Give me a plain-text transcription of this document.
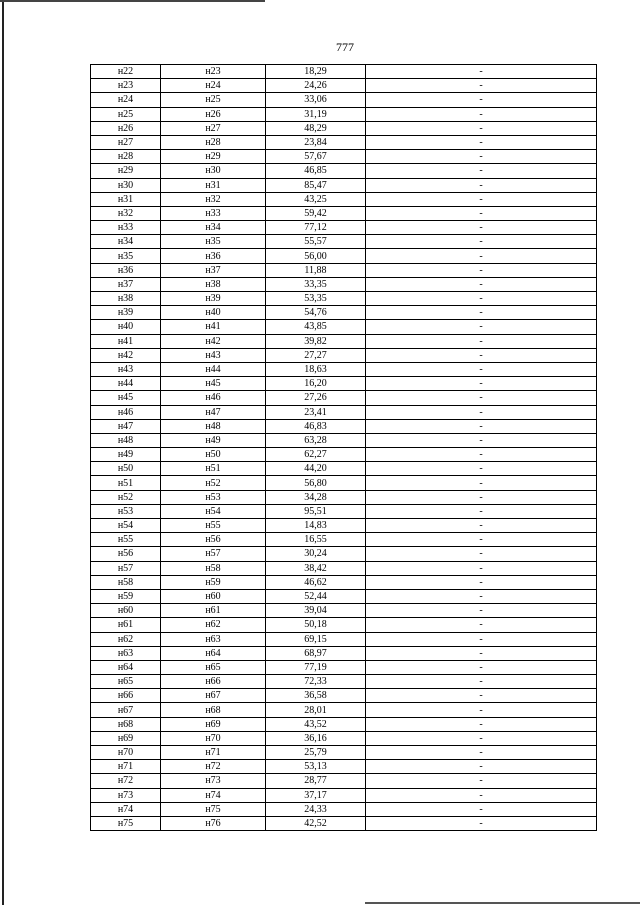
777
н22	н23	18,29	-
н23	н24	24,26	-
н24	н25	33,06	-
н25	н26	31,19	-
н26	н27	48,29	-
н27	н28	23,84	-
н28	н29	57,67	-
н29	н30	46,85	-
н30	н31	85,47	-
н31	н32	43,25	-
н32	н33	59,42	-
н33	н34	77,12	-
н34	н35	55,57	-
н35	н36	56,00	-
н36	н37	11,88	-
н37	н38	33,35	-
н38	н39	53,35	-
н39	н40	54,76	-
н40	н41	43,85	-
н41	н42	39,82	-
н42	н43	27,27	-
н43	н44	18,63	-
н44	н45	16,20	-
н45	н46	27,26	-
н46	н47	23,41	-
н47	н48	46,83	-
н48	н49	63,28	-
н49	н50	62,27	-
н50	н51	44,20	-
н51	н52	56,80	-
н52	н53	34,28	-
н53	н54	95,51	-
н54	н55	14,83	-
н55	н56	16,55	-
н56	н57	30,24	-
н57	н58	38,42	-
н58	н59	46,62	-
н59	н60	52,44	-
н60	н61	39,04	-
н61	н62	50,18	-
н62	н63	69,15	-
н63	н64	68,97	-
н64	н65	77,19	-
н65	н66	72,33	-
н66	н67	36,58	-
н67	н68	28,01	-
н68	н69	43,52	-
н69	н70	36,16	-
н70	н71	25,79	-
н71	н72	53,13	-
н72	н73	28,77	-
н73	н74	37,17	-
н74	н75	24,33	-
н75	н76	42,52	-
